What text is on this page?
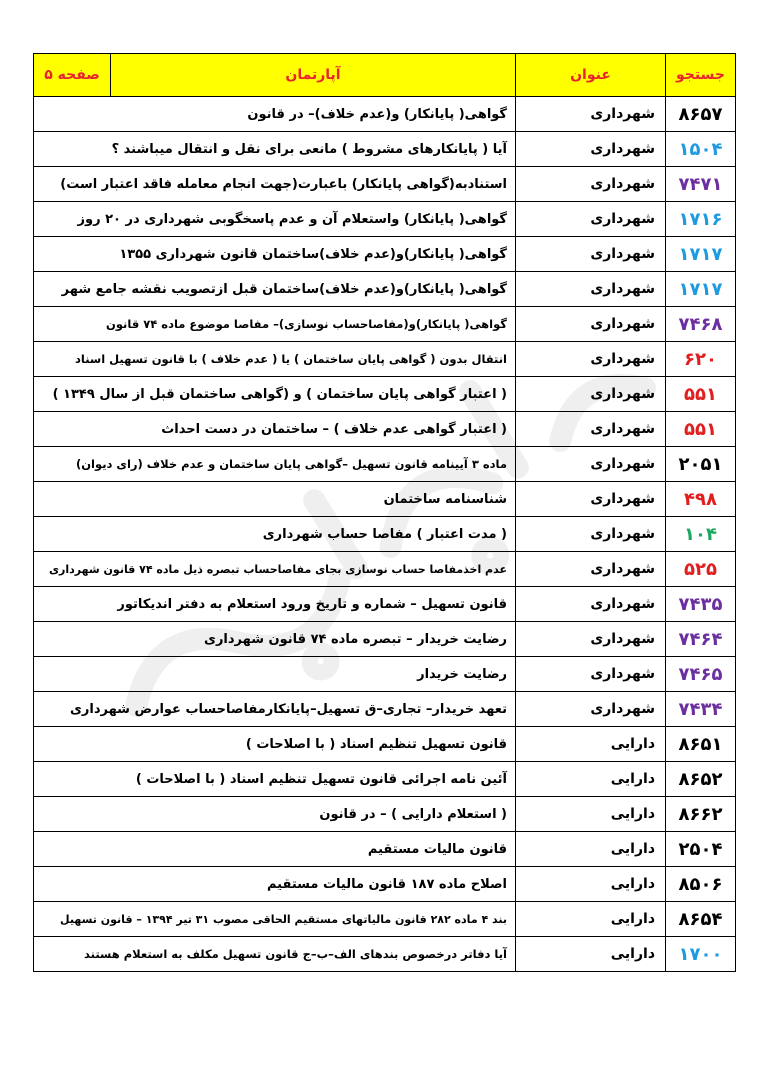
صفحه ۵	آپارتمان	عنوان	جستجو
گواهی( پایانکار) و(عدم خلاف)– در قانون		شهرداری	۸۶۵۷
آیا ( پایانکارهای مشروط ) مانعی برای نقل و انتقال میباشند ؟		شهرداری	۱۵۰۴
استنادبه(گواهی پایانکار) باعبارت(جهت انجام معامله فاقد اعتبار است)		شهرداری	۷۴۷۱
گواهی( پایانکار) واستعلام آن و عدم پاسخگوبی شهرداری در ۲۰ روز		شهرداری	۱۷۱۶
گواهی( پایانکار)و(عدم خلاف)ساختمان قانون شهرداری ۱۳۵۵		شهرداری	۱۷۱۷
گواهی( پایانکار)و(عدم خلاف)ساختمان قبل ازتصویب نقشه جامع شهر		شهرداری	۱۷۱۷
گواهی( پایانکار)و(مفاصاحساب نوسازی)– مفاصا موضوع ماده ۷۴ قانون		شهرداری	۷۴۶۸
انتقال بدون ( گواهی پایان ساختمان ) یا ( عدم خلاف ) با قانون تسهیل اسناد		شهرداری	۶۲۰
( اعتبار گواهی پایان ساختمان ) و (گواهی ساختمان قبل از سال ۱۳۴۹ )		شهرداری	۵۵۱
( اعتبار گواهی عدم خلاف ) – ساختمان در دست احداث		شهرداری	۵۵۱
ماده ۳ آیینامه قانون تسهیل –گواهی پایان ساختمان و عدم خلاف (رای دیوان)		شهرداری	۲۰۵۱
شناسنامه ساختمان		شهرداری	۴۹۸
( مدت اعتبار ) مفاصا حساب شهرداری		شهرداری	۱۰۴
عدم اخذمفاصا حساب نوسازی بجای مفاصاحساب تبصره ذیل ماده ۷۴ قانون شهرداری		شهرداری	۵۲۵
قانون تسهیل – شماره و تاریخ ورود استعلام به دفتر اندیکاتور		شهرداری	۷۴۳۵
رضایت خریدار – تبصره ماده ۷۴ قانون شهرداری		شهرداری	۷۴۶۴
رضایت خریدار		شهرداری	۷۴۶۵
تعهد خریدار– تجاری–ق تسهیل–پایانکارمفاصاحساب عوارض شهرداری		شهرداری	۷۴۳۴
قانون تسهیل تنظیم اسناد ( با اصلاحات )		دارایی	۸۶۵۱
آئین نامه اجرائی قانون تسهیل تنظیم اسناد ( با اصلاحات )		دارایی	۸۶۵۲
( استعلام دارایی ) – در قانون		دارایی	۸۶۶۲
قانون مالیات مستقیم		دارایی	۲۵۰۴
اصلاح ماده ۱۸۷ قانون مالیات مستقیم		دارایی	۸۵۰۶
بند ۴ ماده ۲۸۲ قانون مالیاتهای مستقیم الحاقی مصوب ۳۱ تیر ۱۳۹۴ – قانون تسهیل		دارایی	۸۶۵۴
آیا دفاتر درخصوص بندهای الف–ب–ج قانون تسهیل مکلف به استعلام هستند		دارایی	۱۷۰۰
